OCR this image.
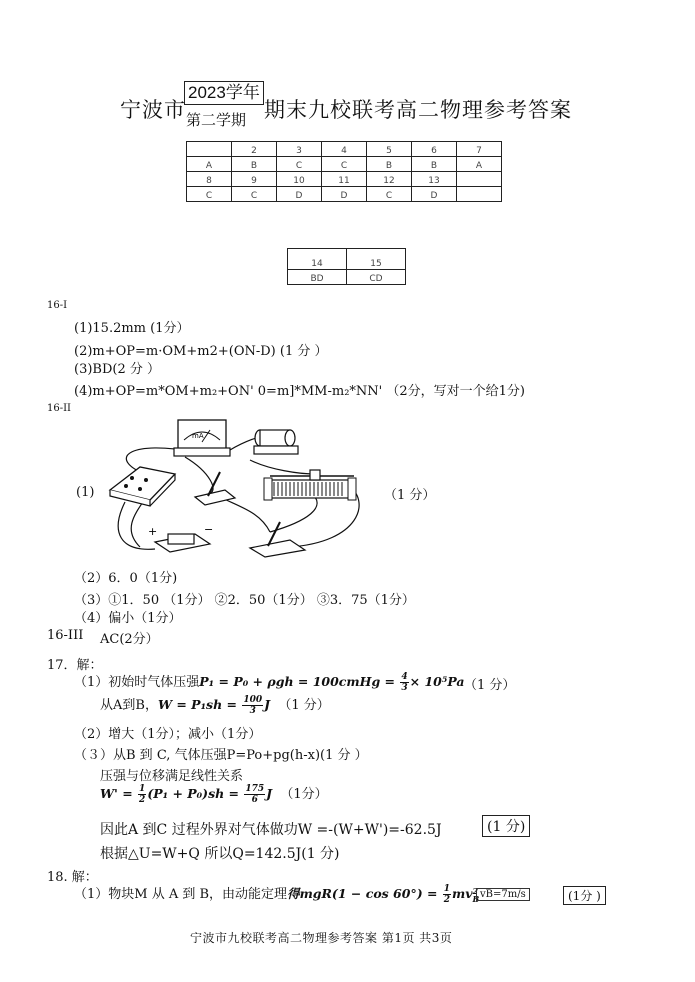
宁波市
2023学年
第二学期 期末九校联考高二物理参考答案
	2	3	4	5	6	7
A	B	C	C	B	B	A
8	9	10	11	12	13	
C	C	D	D	C	D	
14	15
BD	CD
16-I
(1)15.2mm (1分）
(2)m+OP=m·OM+m2+(ON-D) (1 分 ）
(3)BD(2 分 ）
(4)m+OP=m*OM+m₂+ON' 0=m]*MM-m₂*NN' （2分，写对一个给1分)
16-II
(1)	（1 分）
mA
+	−
（2）6．0（1分)
（3）①1．50 （1分） ②2．50（1分） ③3．75（1分）
（4）偏小（1分）
16-III AC(2分）
17．解：
（1）初始时气体压强P₁ = P₀ + ρgh = 100cmHg = $\frac{4}{3} \times 10^5Pa$ （1 分）
从A到B，$W = P_1sh = \frac{100}{3}$ J （1 分）
（2）增大（1分）；减小（1分）
（３）从B 到 C, 气体压强P=Po+pg(h-x)(1 分 ）
压强与位移满足线性关系
$W' = \frac{1}{2} (P_1 + P_0)sh = \frac{175}{6}$ J （1分）
因此A 到C 过程外界对气体做功W =-(W+W')=-62.5J	(1 分)
根据△U=W+Q 所以Q=142.5J(1 分)
18. 解：
（1）物块M 从 A 到 B，由动能定理得$mgR(1 - \cos 60^\circ) = \frac{1}{2}$ mv 2
B vB=7m/s	(1分 )
宁波市九校联考高二物理参考答案 第1页 共3页
